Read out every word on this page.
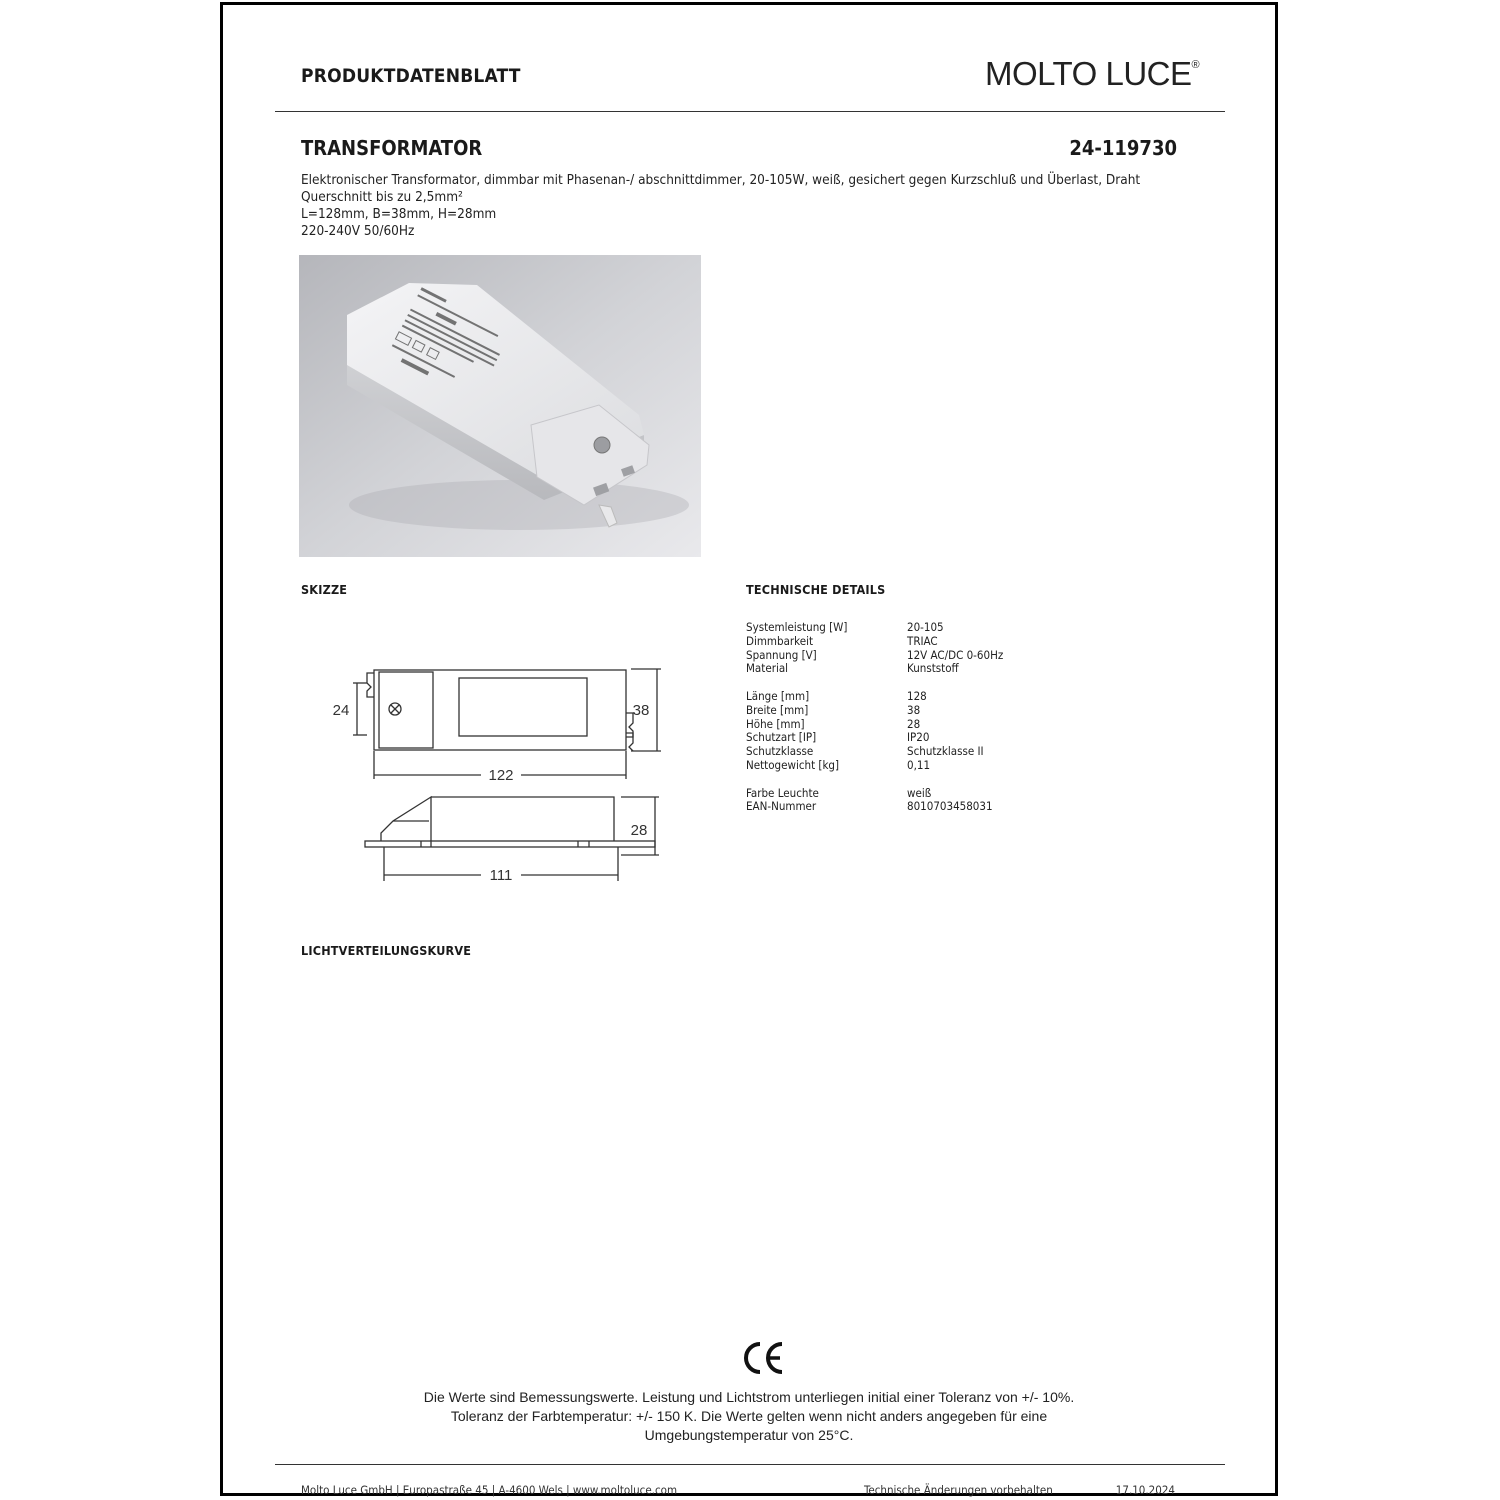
PRODUKTDATENBLATT	MOLTO LUCE®
TRANSFORMATOR	24-119730
Elektronischer Transformator, dimmbar mit Phasenan-/ abschnittdimmer, 20-105W, weiß, gesichert gegen Kurzschluß und Überlast, Draht
Querschnitt bis zu 2,5mm²
L=128mm, B=38mm, H=28mm
220-240V 50/60Hz
SKIZZE	TECHNISCHE DETAILS
24	38
122
28
111
Systemleistung [W]	20-105
Dimmbarkeit	TRIAC
Spannung [V]	12V AC/DC 0-60Hz
Material	Kunststoff
Länge [mm]	128
Breite [mm]	38
Höhe [mm]	28
Schutzart [IP]	IP20
Schutzklasse	Schutzklasse II
Nettogewicht [kg]	0,11
Farbe Leuchte	weiß
EAN-Nummer	8010703458031
LICHTVERTEILUNGSKURVE
Die Werte sind Bemessungswerte. Leistung und Lichtstrom unterliegen initial einer Toleranz von +/- 10%.
Toleranz der Farbtemperatur: +/- 150 K. Die Werte gelten wenn nicht anders angegeben für eine
Umgebungstemperatur von 25°C.
Molto Luce GmbH | Europastraße 45 | A-4600 Wels | www.moltoluce.com	Technische Änderungen vorbehalten	17.10.2024
